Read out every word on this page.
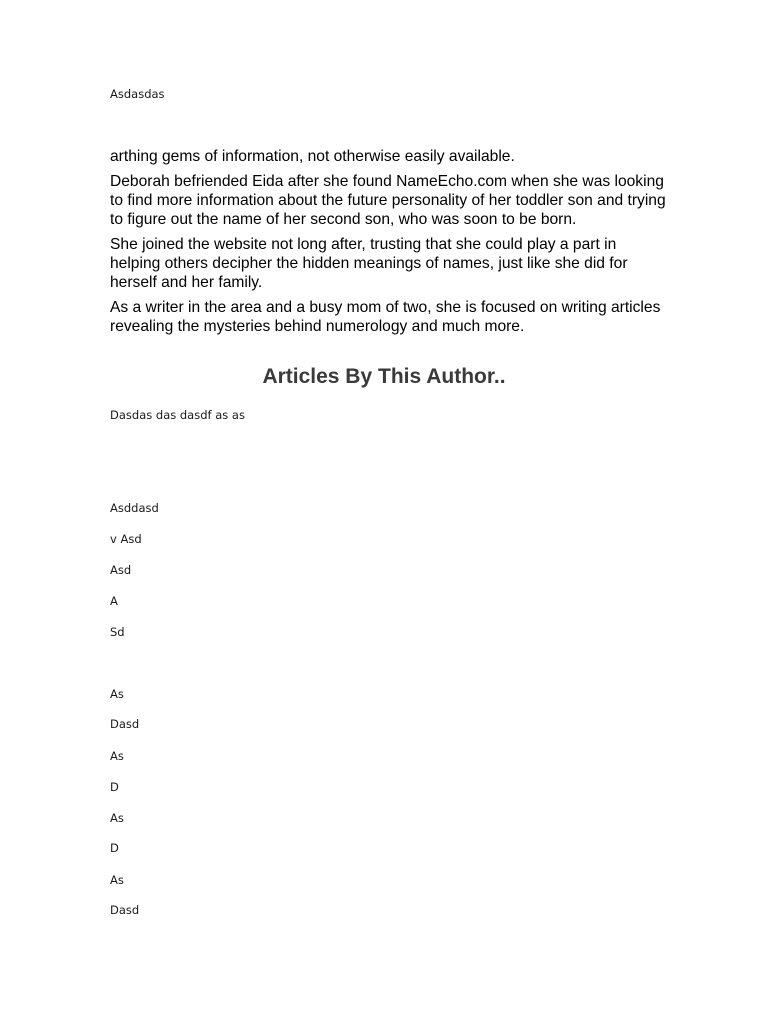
Asdasdas

arthing gems of information, not otherwise easily available.

Deborah befriended Eida after she found NameEcho.com when she was looking to find more information about the future personality of her toddler son and trying to figure out the name of her second son, who was soon to be born.

She joined the website not long after, trusting that she could play a part in helping others decipher the hidden meanings of names, just like she did for herself and her family.

As a writer in the area and a busy mom of two, she is focused on writing articles revealing the mysteries behind numerology and much more.

Articles By This Author..
Dasdas das dasdf as as
Asddasd
v Asd
Asd
A
Sd
As
Dasd
As
D
As
D
As
Dasd
